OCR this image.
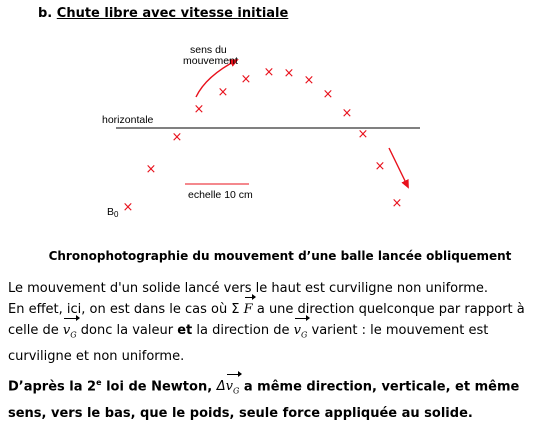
b. Chute libre avec vitesse initiale
sens du
mouvement
horizontale
echelle 10 cm
B0 ×
×
×
×
×
× × × ×
×
×
×
×
×
Chronophotographie du mouvement d’une balle lancée obliquement
Le mouvement d'un solide lancé vers le haut est curviligne non uniforme.
En effet, ici, on est dans le cas où Σ F a une direction quelconque par rapport à
celle de $v_G$ donc la valeur et la direction de $v_G$ varient : le mouvement est
curviligne et non uniforme.
D’après la 2e loi de Newton, $\Delta v_G$ a même direction, verticale, et même
sens, vers le bas, que le poids, seule force appliquée au solide.
